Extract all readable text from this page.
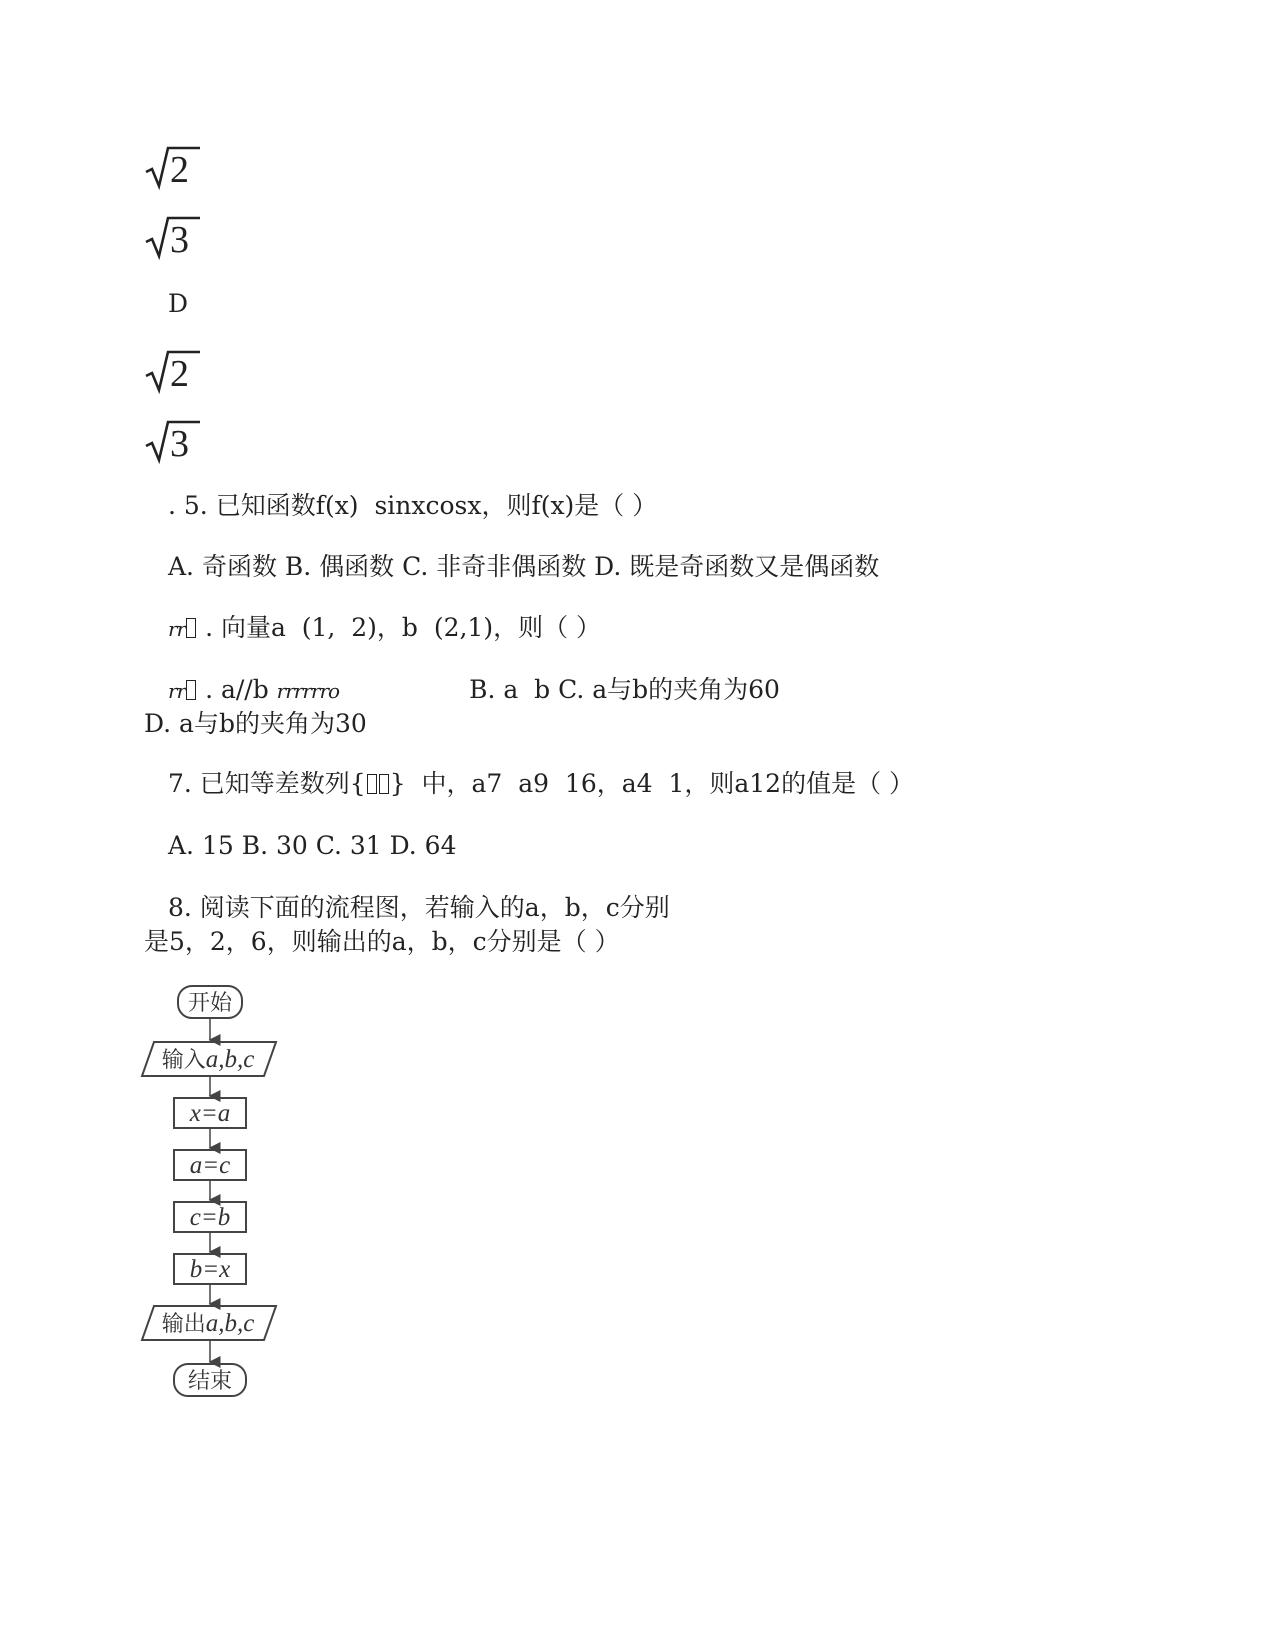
2
3
D
2
3
. 5. 已知函数f(x)  sinxcosx，则f(x)是（ ）
A. 奇函数 B. 偶函数 C. 非奇非偶函数 D. 既是奇函数又是偶函数
rr . 向量a  (1,  2)，b  (2,1)，则（ ）
rr . a//b rrrrrro	B. a  b C. a与b的夹角为60
D. a与b的夹角为30
7. 已知等差数列{ }  中，a7  a9  16，a4  1，则a12的值是（ ）
A. 15 B. 30 C. 31 D. 64
8. 阅读下面的流程图，若输入的a，b，c分别
是5，2，6，则输出的a，b，c分别是（ ）
开始
输入a,b,c
x=a
a=c
c=b
b=x
输出a,b,c
结束
